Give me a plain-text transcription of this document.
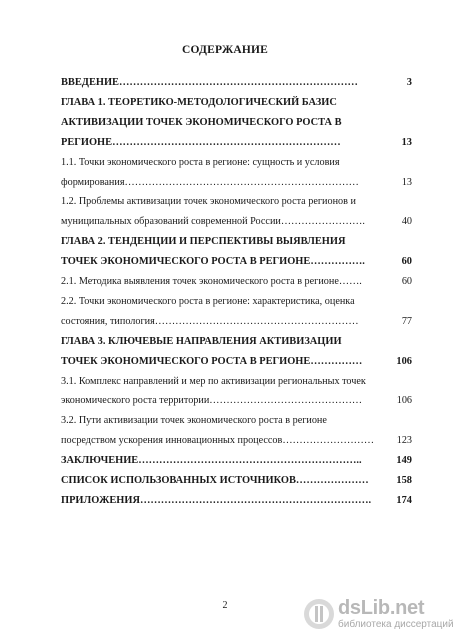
СОДЕРЖАНИЕ
ВВЕДЕНИЕ……………………………………………………………	3
ГЛАВА 1. ТЕОРЕТИКО-МЕТОДОЛОГИЧЕСКИЙ БАЗИС
АКТИВИЗАЦИИ ТОЧЕК ЭКОНОМИЧЕСКОГО РОСТА В
РЕГИОНЕ…………………………………………………………	13
1.1. Точки экономического роста в регионе: сущность и условия
формирования……………………………………………………………	13
1.2. Проблемы активизации точек экономического роста регионов и
муниципальных образований современной России…………………….	40
ГЛАВА 2. ТЕНДЕНЦИИ И ПЕРСПЕКТИВЫ ВЫЯВЛЕНИЯ
ТОЧЕК ЭКОНОМИЧЕСКОГО РОСТА В РЕГИОНЕ…………….	60
2.1. Методика выявления точек экономического роста в регионе…….	60
2.2. Точки экономического роста в регионе: характеристика, оценка
состояния, типология……………………………………………………	77
ГЛАВА 3. КЛЮЧЕВЫЕ НАПРАВЛЕНИЯ АКТИВИЗАЦИИ
ТОЧЕК ЭКОНОМИЧЕСКОГО РОСТА В РЕГИОНЕ……………	106
3.1. Комплекс направлений и мер по активизации региональных точек
экономического роста территории………………………………………	106
3.2. Пути активизации точек экономического роста в регионе
посредством ускорения инновационных процессов………………………	123
ЗАКЛЮЧЕНИЕ………………………………………………………..	149
СПИСОК ИСПОЛЬЗОВАННЫХ ИСТОЧНИКОВ…………………	158
ПРИЛОЖЕНИЯ………………………………………………………….	174
2	dsLib.net
библиотека диссертаций
